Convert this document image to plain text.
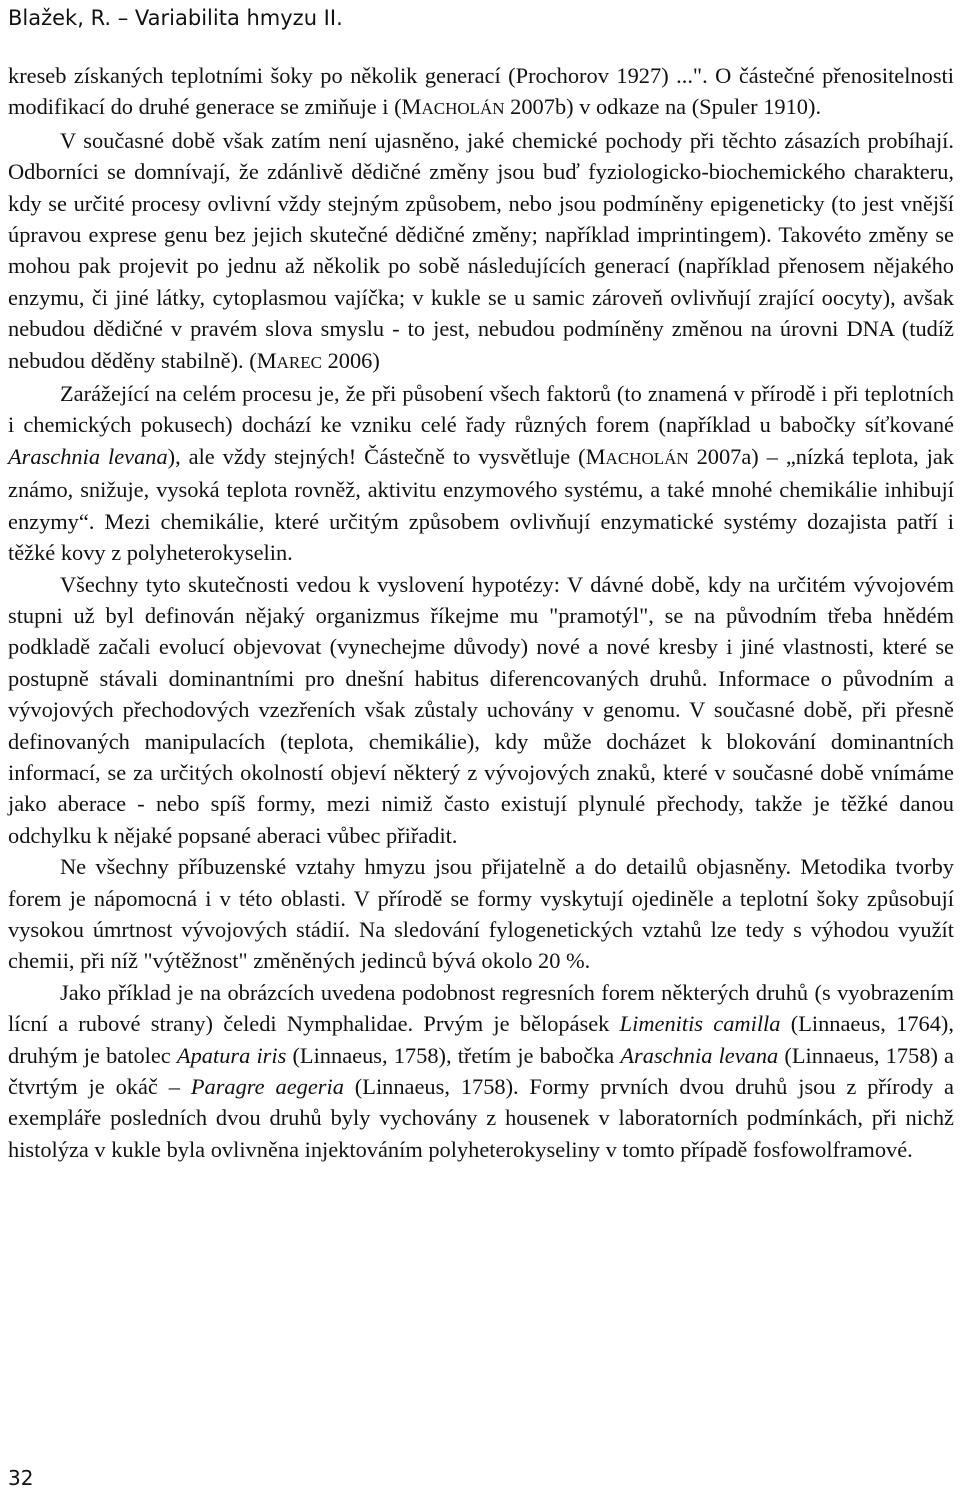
Blažek, R. – Variabilita hmyzu II.

kreseb získaných teplotními šoky po několik generací (Prochorov 1927) ...". O částečné přenositelnosti modifikací do druhé generace se zmiňuje i (MACHOLÁN 2007b) v odkaze na (Spuler 1910).

V současné době však zatím není ujasněno, jaké chemické pochody při těchto zásazích probíhají. Odborníci se domnívají, že zdánlivě dědičné změny jsou buď fyziologicko-biochemického charakteru, kdy se určité procesy ovlivní vždy stejným způsobem, nebo jsou podmíněny epigeneticky (to jest vnější úpravou exprese genu bez jejich skutečné dědičné změny; například imprintingem). Takovéto změny se mohou pak projevit po jednu až několik po sobě následujících generací (například přenosem nějakého enzymu, či jiné látky, cytoplasmou vajíčka; v kukle se u samic zároveň ovlivňují zrající oocyty), avšak nebudou dědičné v pravém slova smyslu - to jest, nebudou podmíněny změnou na úrovni DNA (tudíž nebudou děděny stabilně). (MAREC 2006)

Zarážející na celém procesu je, že při působení všech faktorů (to znamená v přírodě i při teplotních i chemických pokusech) dochází ke vzniku celé řady různých forem (například u babočky síťkované Araschnia levana), ale vždy stejných! Částečně to vysvětluje (MACHOLÁN 2007a) – „nízká teplota, jak známo, snižuje, vysoká teplota rovněž, aktivitu enzymového systému, a také mnohé chemikálie inhibují enzymy“. Mezi chemikálie, které určitým způsobem ovlivňují enzymatické systémy dozajista patří i těžké kovy z polyheterokyselin.

Všechny tyto skutečnosti vedou k vyslovení hypotézy: V dávné době, kdy na určitém vývojovém stupni už byl definován nějaký organizmus říkejme mu "pramotýl", se na původním třeba hnědém podkladě začali evolucí objevovat (vynechejme důvody) nové a nové kresby i jiné vlastnosti, které se postupně stávali dominantními pro dnešní habitus diferencovaných druhů. Informace o původním a vývojových přechodových vzezřeních však zůstaly uchovány v genomu. V současné době, při přesně definovaných manipulacích (teplota, chemikálie), kdy může docházet k blokování dominantních informací, se za určitých okolností objeví některý z vývojových znaků, které v současné době vnímáme jako aberace - nebo spíš formy, mezi nimiž často existují plynulé přechody, takže je těžké danou odchylku k nějaké popsané aberaci vůbec přiřadit.

Ne všechny příbuzenské vztahy hmyzu jsou přijatelně a do detailů objasněny. Metodika tvorby forem je nápomocná i v této oblasti. V přírodě se formy vyskytují ojediněle a teplotní šoky způsobují vysokou úmrtnost vývojových stádií. Na sledování fylogenetických vztahů lze tedy s výhodou využít chemii, při níž "výtěžnost" změněných jedinců bývá okolo 20 %.

Jako příklad je na obrázcích uvedena podobnost regresních forem některých druhů (s vyobrazením lícní a rubové strany) čeledi Nymphalidae. Prvým je bělopásek Limenitis camilla (Linnaeus, 1764), druhým je batolec Apatura iris (Linnaeus, 1758), třetím je babočka Araschnia levana (Linnaeus, 1758) a čtvrtým je okáč – Paragre aegeria (Linnaeus, 1758). Formy prvních dvou druhů jsou z přírody a exempláře posledních dvou druhů byly vychovány z housenek v laboratorních podmínkách, při nichž histolýza v kukle byla ovlivněna injektováním polyheterokyseliny v tomto případě fosfowolframové.

32
